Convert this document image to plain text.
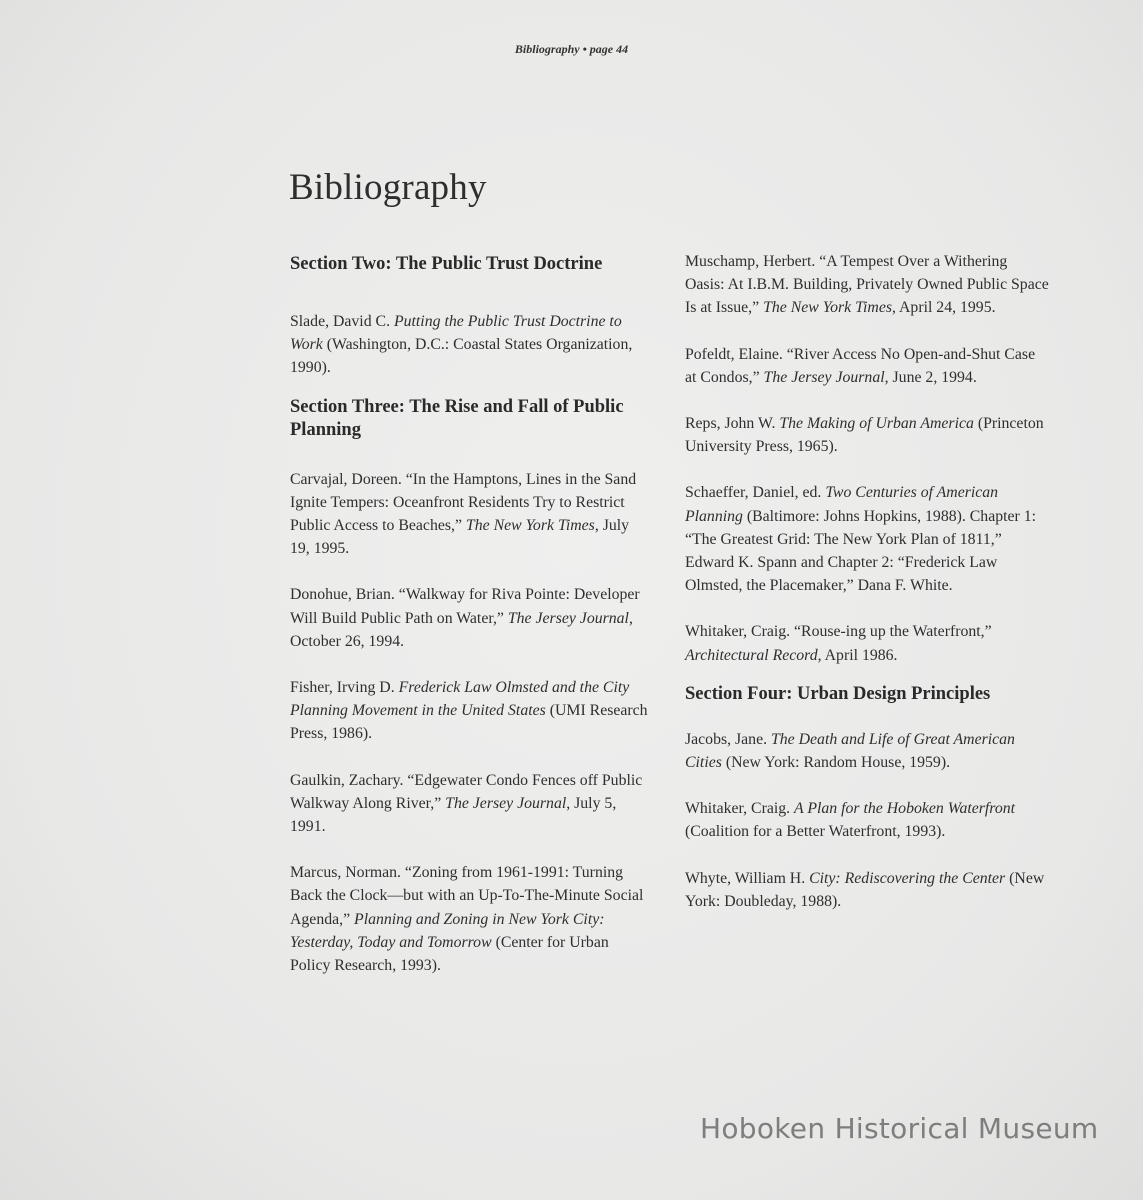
Bibliography • page 44
Bibliography
Section Two: The Public Trust Doctrine

Slade, David C. Putting the Public Trust Doctrine to Work (Washington, D.C.: Coastal States Organization, 1990).

Section Three: The Rise and Fall of Public Planning

Carvajal, Doreen. “In the Hamptons, Lines in the Sand Ignite Tempers: Oceanfront Residents Try to Restrict Public Access to Beaches,” The New York Times, July 19, 1995.

Donohue, Brian. “Walkway for Riva Pointe: Developer Will Build Public Path on Water,” The Jersey Journal, October 26, 1994.

Fisher, Irving D. Frederick Law Olmsted and the City Planning Movement in the United States (UMI Research Press, 1986).

Gaulkin, Zachary. “Edgewater Condo Fences off Public Walkway Along River,” The Jersey Journal, July 5, 1991.

Marcus, Norman. “Zoning from 1961-1991: Turning Back the Clock—but with an Up-To-The-Minute Social Agenda,” Planning and Zoning in New York City: Yesterday, Today and Tomorrow (Center for Urban Policy Research, 1993).

Muschamp, Herbert. “A Tempest Over a Withering Oasis: At I.B.M. Building, Privately Owned Public Space Is at Issue,” The New York Times, April 24, 1995.

Pofeldt, Elaine. “River Access No Open-and-Shut Case at Condos,” The Jersey Journal, June 2, 1994.

Reps, John W. The Making of Urban America (Princeton University Press, 1965).

Schaeffer, Daniel, ed. Two Centuries of American Planning (Baltimore: Johns Hopkins, 1988). Chapter 1: “The Greatest Grid: The New York Plan of 1811,” Edward K. Spann and Chapter 2: “Frederick Law Olmsted, the Placemaker,” Dana F. White.

Whitaker, Craig. “Rouse-ing up the Waterfront,” Architectural Record, April 1986.

Section Four: Urban Design Principles

Jacobs, Jane. The Death and Life of Great American Cities (New York: Random House, 1959).

Whitaker, Craig. A Plan for the Hoboken Waterfront (Coalition for a Better Waterfront, 1993).

Whyte, William H. City: Rediscovering the Center (New York: Doubleday, 1988).

Hoboken Historical Museum
